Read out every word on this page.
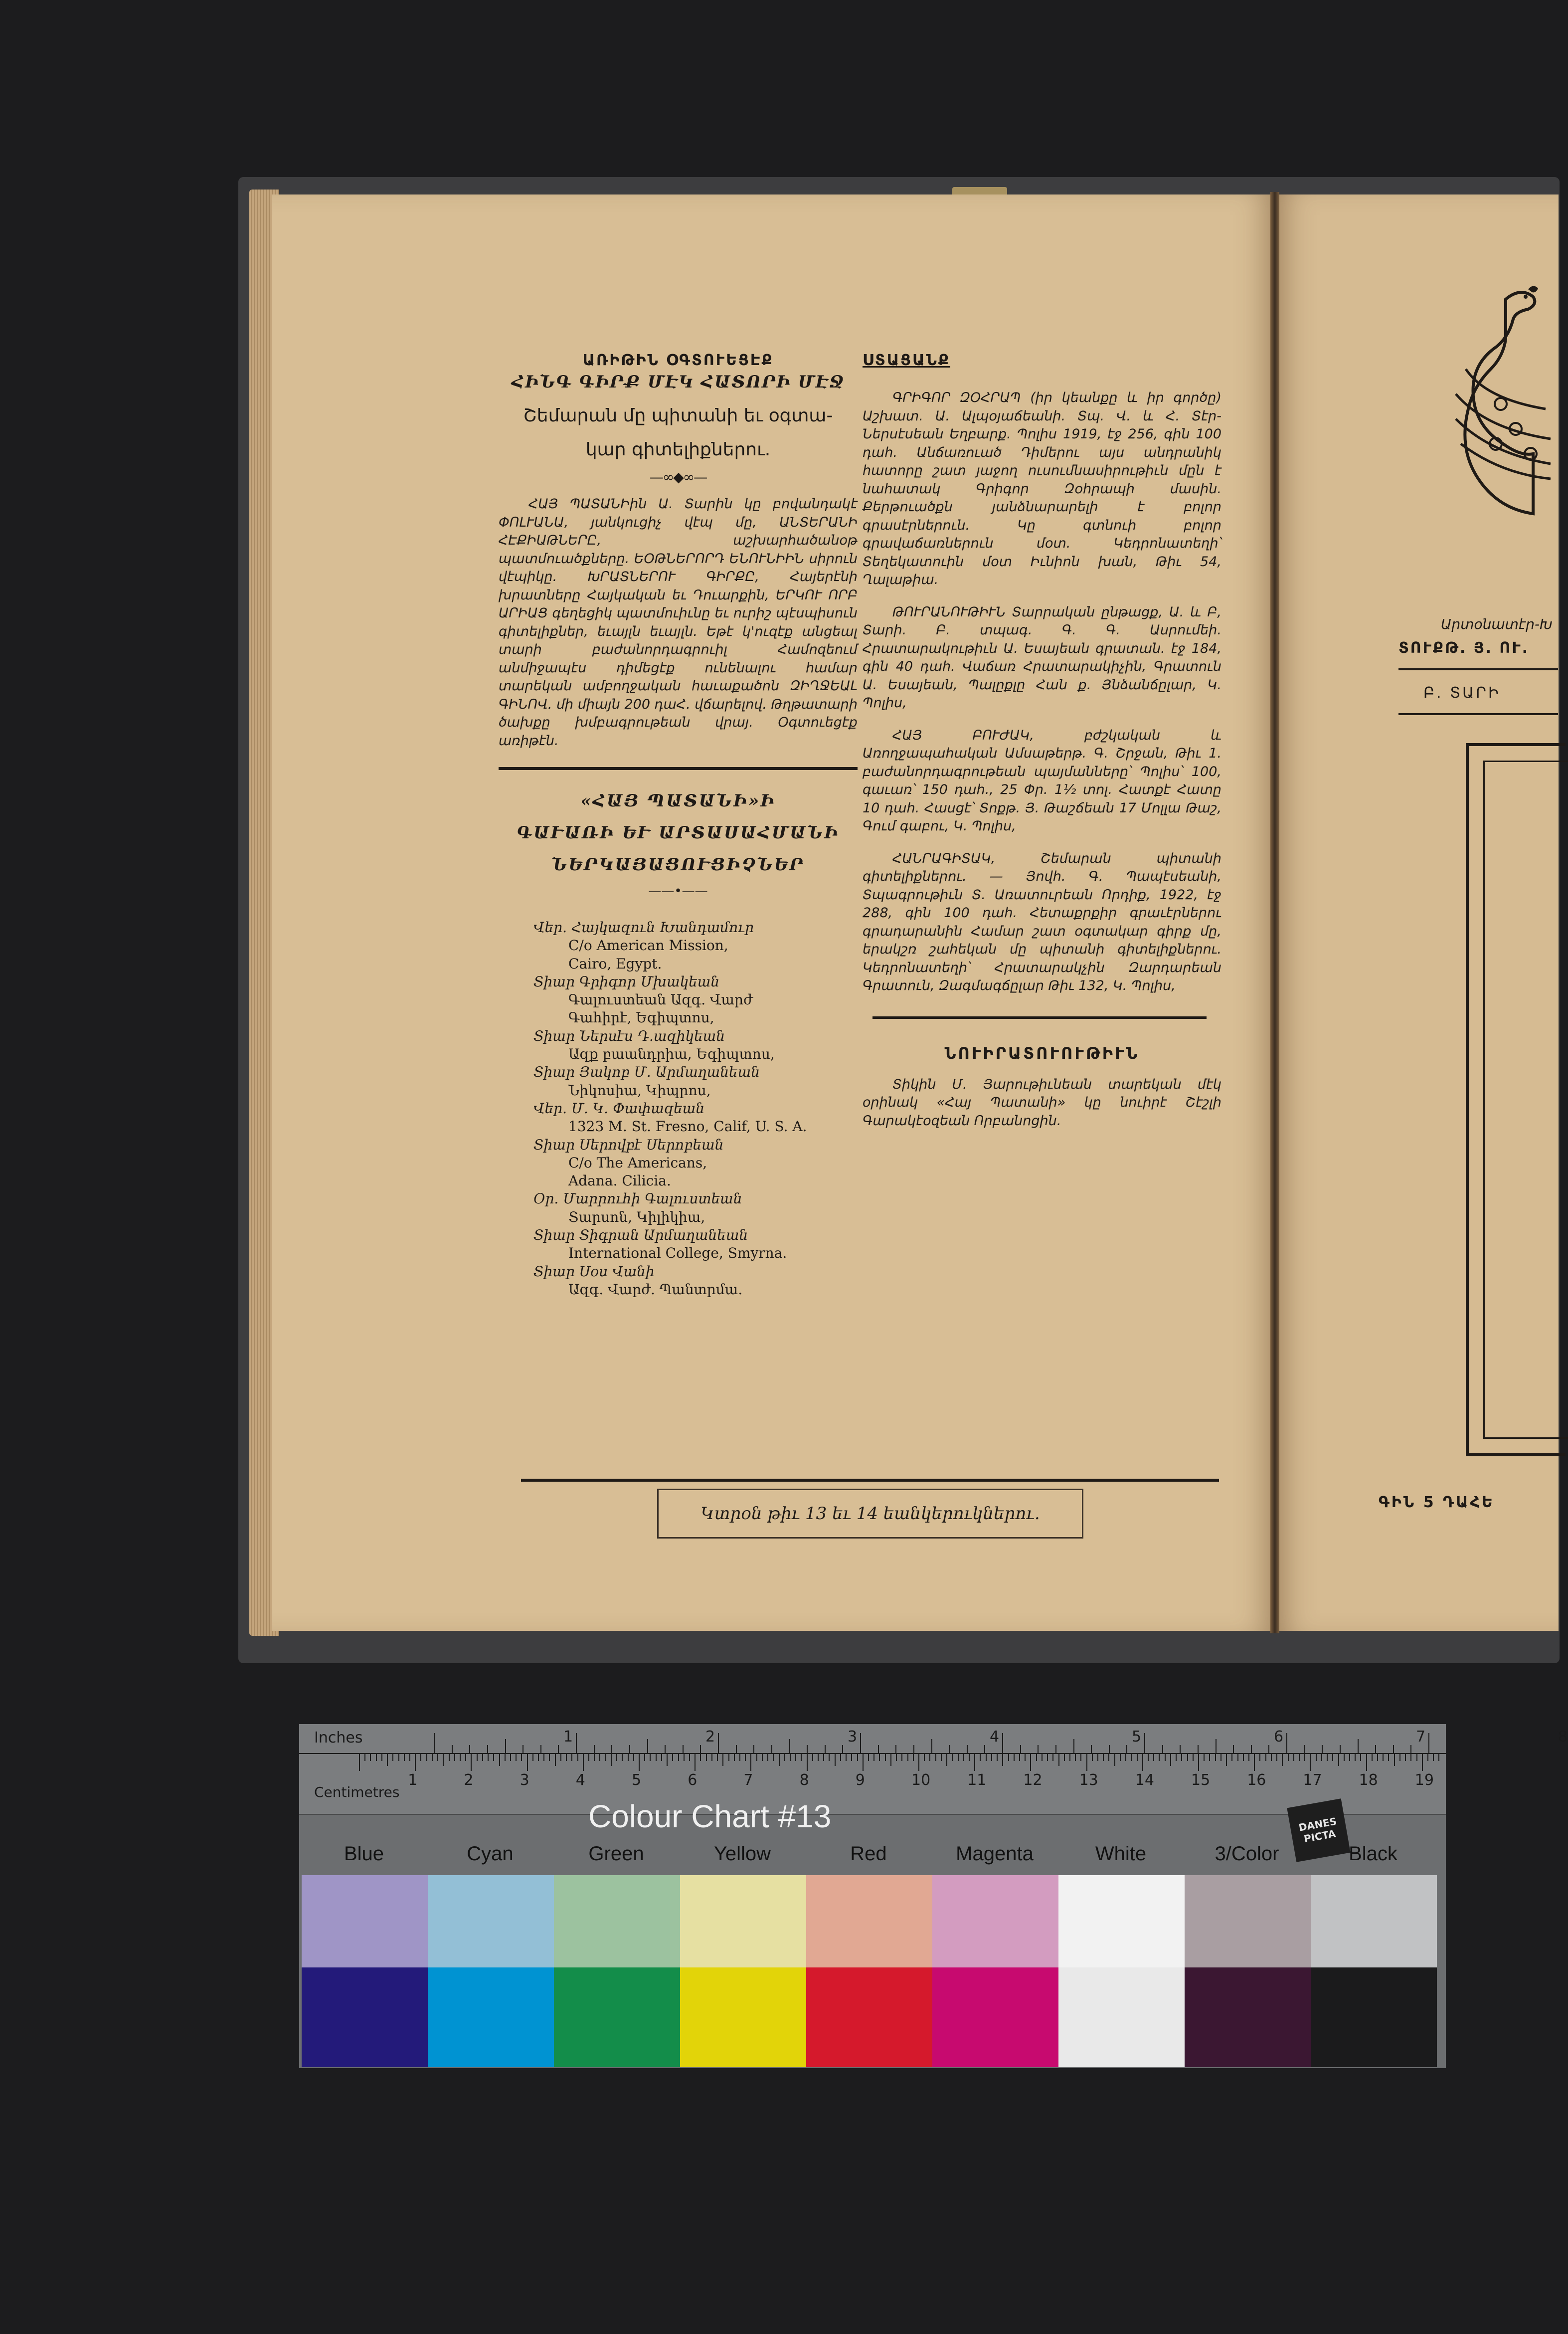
ԱՌԻԹԻՆ ՕԳՏՈՒԵՑԷՔ
ՀԻՆԳ ԳԻՐՔ ՄԷԿ ՀԱՏՈՐԻ ՄԷՋ
Շեմարան մը պիտանի եւ օգտա-
կար գիտելիքներու.
—∞◆∞—

ՀԱՅ ՊԱՏԱՆԻին Ա. Տարին կը բովանդակէ ՓՈԼՒԱՆԱ, յանկուցիչ վէպ մը, ԱՆՏԵՐԱՆԻ ՀԷՔԻԱԹՆԵՐԸ, աշխարհածանօթ պատմուածքները. ԵՕԹՆԵՐՈՐԴ ԵՆՈՒՆԻԻՆ սիրուն վէպիկը. ԽՐԱՏՆԵՐՈՒ ԳԻՐՔԸ, Հայերէնի խրատները Հայկական եւ Դուարքին, ԵՐԿՈՒ ՈՐԲ ԱՐԻԱՑ գեղեցիկ պատմուիւնը եւ ուրիշ պէսպիսուն գիտելիքներ, եւայլն եւայլն. Եթէ կ'ուզէք անցեալ տարի բաժանորդագրուիլ Համոզեում անմիջապէս դիմեցէք ունենալու համար տարեկան ամբողջական հաւաքածոն ԶԻՂՋԵԱԼ ԳԻՆՈՎ. մի միայն 200 դաՀ. վճարելով. Թղթատարի ծախքը խմբագրութեան վրայ. Օգտուեցէք առիթէն.

«ՀԱՅ ՊԱՏԱՆԻ»Ի
ԳԱՒԱՌԻ ԵՒ ԱՐՏԱՍԱՀՄԱՆԻ
ՆԵՐԿԱՅԱՑՈՒՑԻՉՆԵՐ
——•——
Վեր. Հայկազուն Խանդամուր
C/o American Mission,
Cairo, Egypt.
Տիար Գրիգոր Մխակեան
Գալուստեան Ազգ. Վարժ
Գահիրէ, Եգիպտոս,
Տիար Ներսէս Դ.ազիկեան
Ազք բաանդրիա, Եգիպտոս,
Տիար Յակոբ Մ. Արմաղանեան
Նիկոսիա, Կիպրոս,
Վեր. Մ. Կ. Փափազեան
1323 M. St. Fresno, Calif, U. S. A.
Տիար Սերովբէ Սերոբեան
C/o The Americans,
Adana. Cilicia.
Օր. Մարրուհի Գալուստեան
Տարսոն, Կիլիկիա,
Տիար Տիգրան Արմաղանեան
International College, Smyrna.
Տիար Սօս Վանի
Ազգ. Վարժ. Պանտրմա.
ՍՏԱՑԱՆՔ

ԳՐԻԳՈՐ ԶՕՀՐԱՊ (իր կեանքը և իր գործը) Աշխատ. Ա. Ալպօյաճեանի. Տպ. Վ. և Հ. Տէր-Ներսէսեան Եղբարք. Պոլիս 1919, էջ 256, գին 100 դահ. Անճառուած Դիմերու այս անդրանիկ հատորը շատ յաջող ուսումնասիրութիւն մըն է նահատակ Գրիգոր Զօհրապի մասին. Քերթուածքն յանձնարարելի է բոլոր գրասէրներուն. Կը գտնուի բոլոր գրավաճառներուն մօտ. Կեդրոնատեղի՝ Տեղեկատուին մօտ Իւնիոն խան, Թիւ 54, Ղալաթիա.

ԹՈՒՐԱՆՈՒԹԻՒՆ Տարրական ընթացք, Ա. և Բ, Տարի. Բ. տպագ. Գ. Գ. Ասրումեի. Հրատարակութիւն Ա. Եսայեան գրատան. էջ 184, գին 40 դահ. Վաճառ Հրատարակիչին, Գրատուն Ա. Եսայեան, Պալըքլը Հան ք. Յնձանճըլար, Կ. Պոլիս,

ՀԱՅ ԲՈՒԺԱԿ, բժշկական և Առողջապահական Ամսաթերթ. Գ. Շրջան, Թիւ 1. բաժանորդագրութեան պայմանները՝ Պոլիս՝ 100, գաւառ՝ 150 դահ., 25 Փր. 1½ տոլ. Հատքէ Հատը 10 դահ. Հասցէ՝ Տոքթ. Յ. Թաշճեան 17 Մոլլա Թաշ, Գում գաբու, Կ. Պոլիս,

ՀԱՆՐԱԳԻՏԱԿ, Շեմարան պիտանի գիտելիքներու. — Յովհ. Գ. Պապէսեանի, Տպագրութիւն Տ. Առատուրեան Որդիք, 1922, էջ 288, գին 100 դահ. Հետաքրքիր գրաւէրներու գրադարանին Համար շատ օգտակար գիրք մը, երակշռ շահեկան մը պիտանի գիտելիքներու. Կեդրոնատեղի՝ Հրատարակչին Զարդարեան Գրատուն, Զագմագճըլար Թիւ 132, Կ. Պոլիս,

ՆՈՒԻՐԱՏՈՒՈՒԹԻՒՆ

Տիկին Մ. Յարութիւնեան տարեկան մէկ օրինակ «Հայ Պատանի» կը նուիրէ Շէշլի Գարակէօզեան Որբանոցին.

Կտրօն թիւ 13 եւ 14 եանկերուկներու.
Արտօնատէր-Խ
ՏՈՒՔԹ. Յ. ՈՒ.
Բ. ՏԱՐԻ
ԳԻՆ 5 ԴԱՀԵ
Inches
Centimetres
1	2	3	4	5	6	7	8
1	2	3	4	5	6	7	8	9	10 11 12 13 14 15 16 17 18 19
Colour Chart #13	DANES PICTA
Blue	Cyan	Green	Yellow	Red	Magenta	White	3/Color	Black
